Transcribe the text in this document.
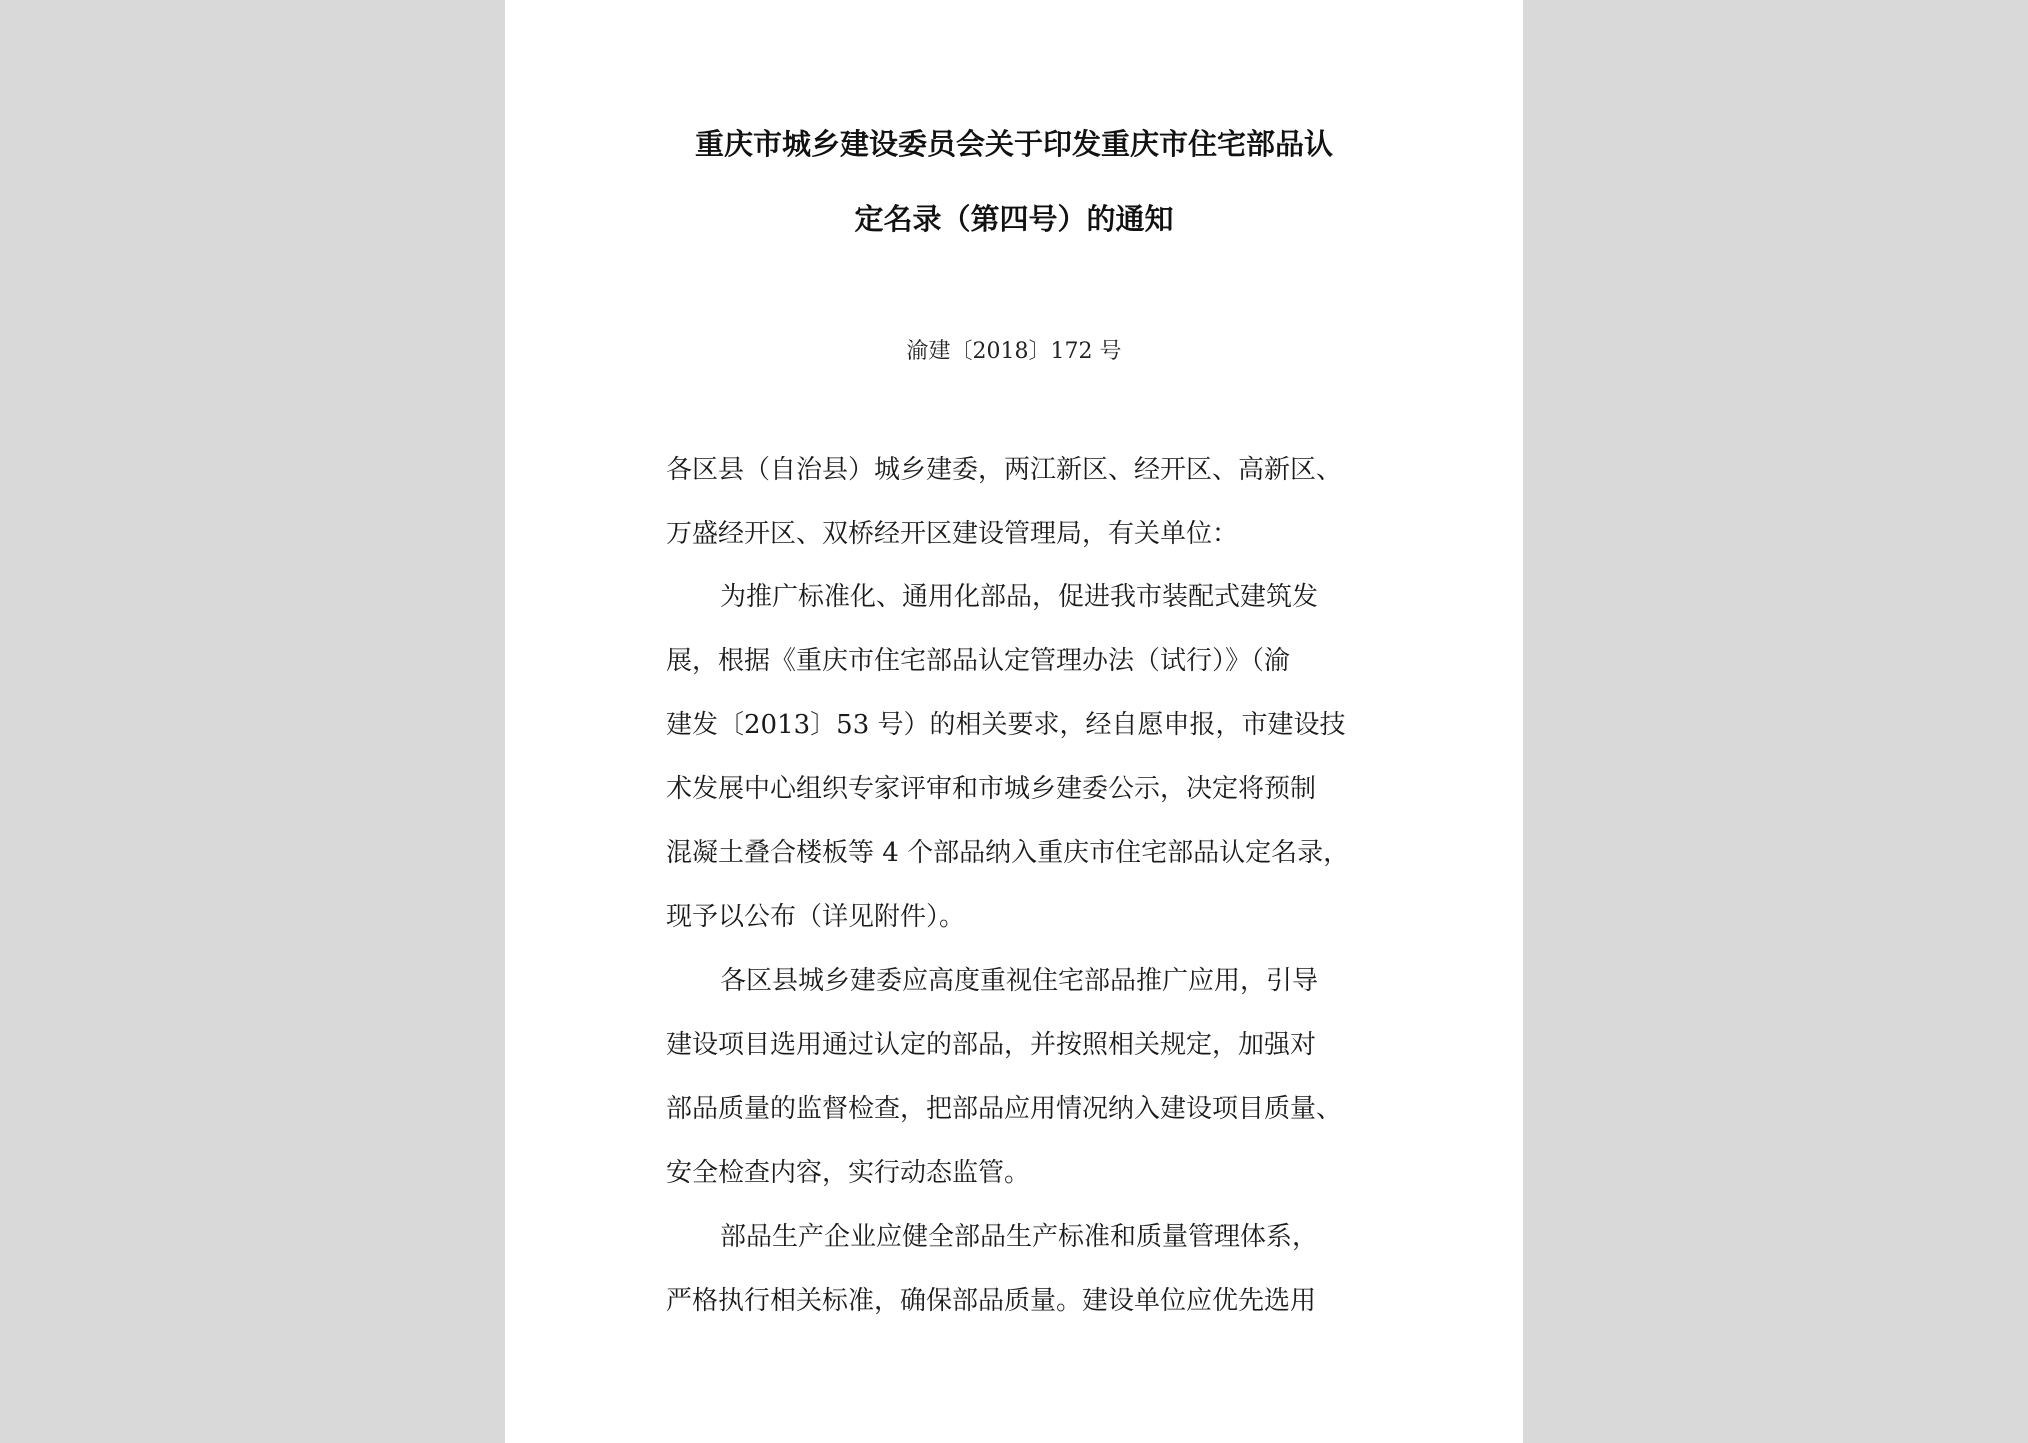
重庆市城乡建设委员会关于印发重庆市住宅部品认
定名录（第四号）的通知
渝建〔2018〕172 号
各区县（自治县）城乡建委，两江新区、经开区、高新区、
万盛经开区、双桥经开区建设管理局，有关单位：
为推广标准化、通用化部品，促进我市装配式建筑发
展，根据《重庆市住宅部品认定管理办法（试行）》（渝
建发〔2013〕53 号）的相关要求，经自愿申报，市建设技
术发展中心组织专家评审和市城乡建委公示，决定将预制
混凝土叠合楼板等 4 个部品纳入重庆市住宅部品认定名录，
现予以公布（详见附件）。
各区县城乡建委应高度重视住宅部品推广应用，引导
建设项目选用通过认定的部品，并按照相关规定，加强对
部品质量的监督检查，把部品应用情况纳入建设项目质量、
安全检查内容，实行动态监管。
部品生产企业应健全部品生产标准和质量管理体系，
严格执行相关标准，确保部品质量。建设单位应优先选用
